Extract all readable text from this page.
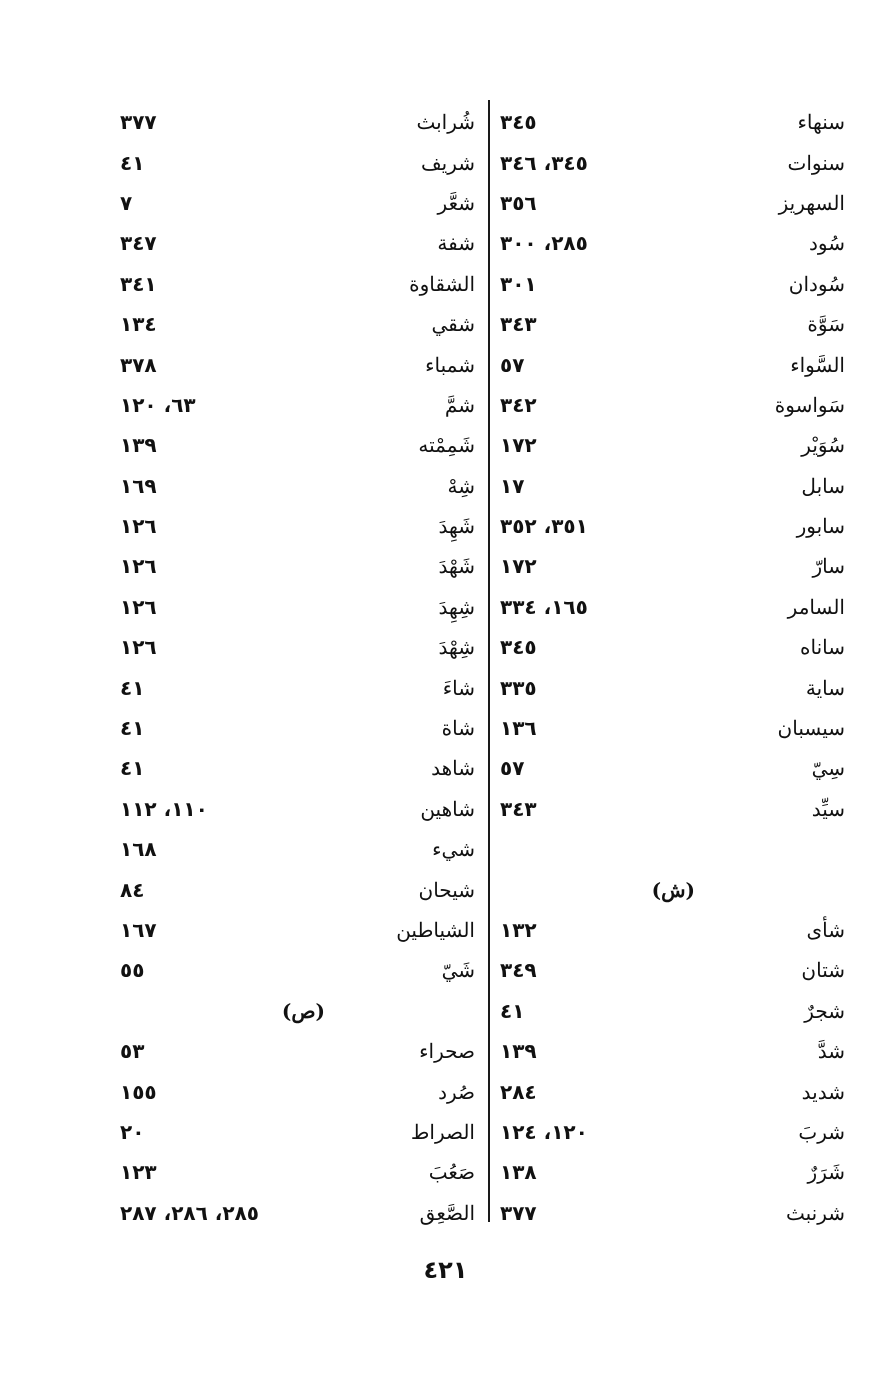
سنهاء
٣٤٥
سنوات
٣٤٥، ٣٤٦
السهريز
٣٥٦
سُود
٢٨٥، ٣٠٠
سُودان
٣٠١
سَوَّة
٣٤٣
السَّواء
٥٧
سَواسوة
٣٤٢
سُوَيْر
١٧٢
سابل
١٧
سابور
٣٥١، ٣٥٢
سارّ
١٧٢
السامر
١٦٥، ٣٣٤
ساناه
٣٤٥
ساية
٣٣٥
سيسبان
١٣٦
سِيّ
٥٧
سيِّد
٣٤٣
(ش)
شأى
١٣٢
شتان
٣٤٩
شجرٌ
٤١
شدَّ
١٣٩
شديد
٢٨٤
شربَ
١٢٠، ١٢٤
شَرَرٌ
١٣٨
شرنبث
٣٧٧
شُرابث
٣٧٧
شريف
٤١
شعَّر
٧
شفة
٣٤٧
الشقاوة
٣٤١
شقي
١٣٤
شمباء
٣٧٨
شمَّ
٦٣، ١٢٠
شَمِمْته
١٣٩
شِهْ
١٦٩
شَهِدَ
١٢٦
شَهْدَ
١٢٦
شِهِدَ
١٢٦
شِهْدَ
١٢٦
شاءَ
٤١
شاة
٤١
شاهد
٤١
شاهين
١١٠، ١١٢
شيء
١٦٨
شيحان
٨٤
الشياطين
١٦٧
شَيّ
٥٥
(ص)
صحراء
٥٣
صُرد
١٥٥
الصراط
٢٠
صَعُبَ
١٢٣
الصَّعِق
٢٨٥، ٢٨٦، ٢٨٧
٤٢١
